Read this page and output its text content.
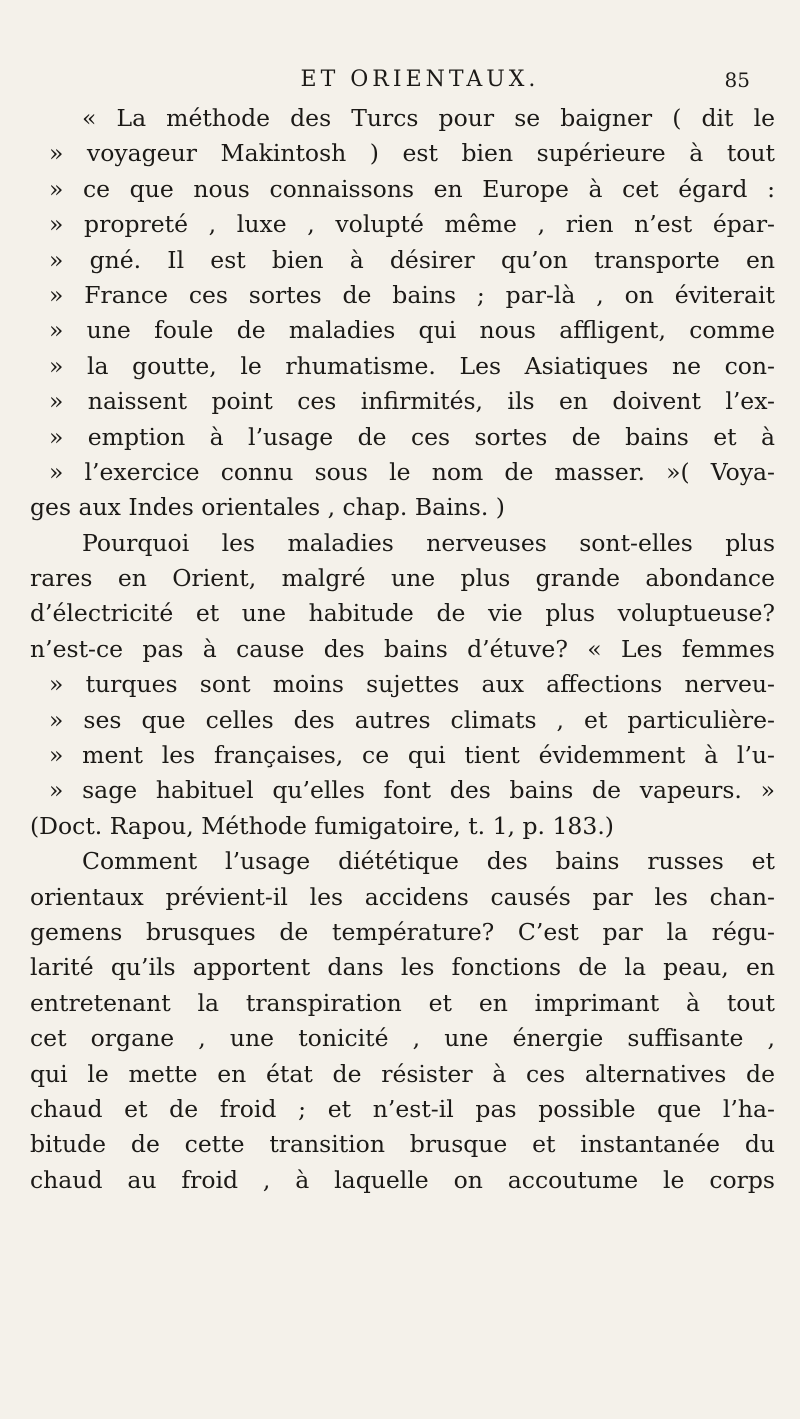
ET ORIENTAUX.	85
« La méthode des Turcs pour se baigner ( dit le
» voyageur Makintosh ) est bien supérieure à tout
» ce que nous connaissons en Europe à cet égard :
» propreté , luxe , volupté même , rien n’est épar-
» gné. Il est bien à désirer qu’on transporte en
» France ces sortes de bains ; par-là , on éviterait
» une foule de maladies qui nous affligent, comme
» la goutte, le rhumatisme. Les Asiatiques ne con-
» naissent point ces infirmités, ils en doivent l’ex-
» emption à l’usage de ces sortes de bains et à
» l’exercice connu sous le nom de masser. »( Voya-
ges aux Indes orientales , chap. Bains. )
Pourquoi les maladies nerveuses sont-elles plus
rares en Orient, malgré une plus grande abondance
d’électricité et une habitude de vie plus voluptueuse?
n’est-ce pas à cause des bains d’étuve? « Les femmes
» turques sont moins sujettes aux affections nerveu-
» ses que celles des autres climats , et particulière-
» ment les françaises, ce qui tient évidemment à l’u-
» sage habituel qu’elles font des bains de vapeurs. »
(Doct. Rapou, Méthode fumigatoire, t. 1, p. 183.)
Comment l’usage diététique des bains russes et
orientaux prévient-il les accidens causés par les chan-
gemens brusques de température? C’est par la régu-
larité qu’ils apportent dans les fonctions de la peau, en
entretenant la transpiration et en imprimant à tout
cet organe , une tonicité , une énergie suffisante ,
qui le mette en état de résister à ces alternatives de
chaud et de froid ; et n’est-il pas possible que l’ha-
bitude de cette transition brusque et instantanée du
chaud au froid , à laquelle on accoutume le corps
